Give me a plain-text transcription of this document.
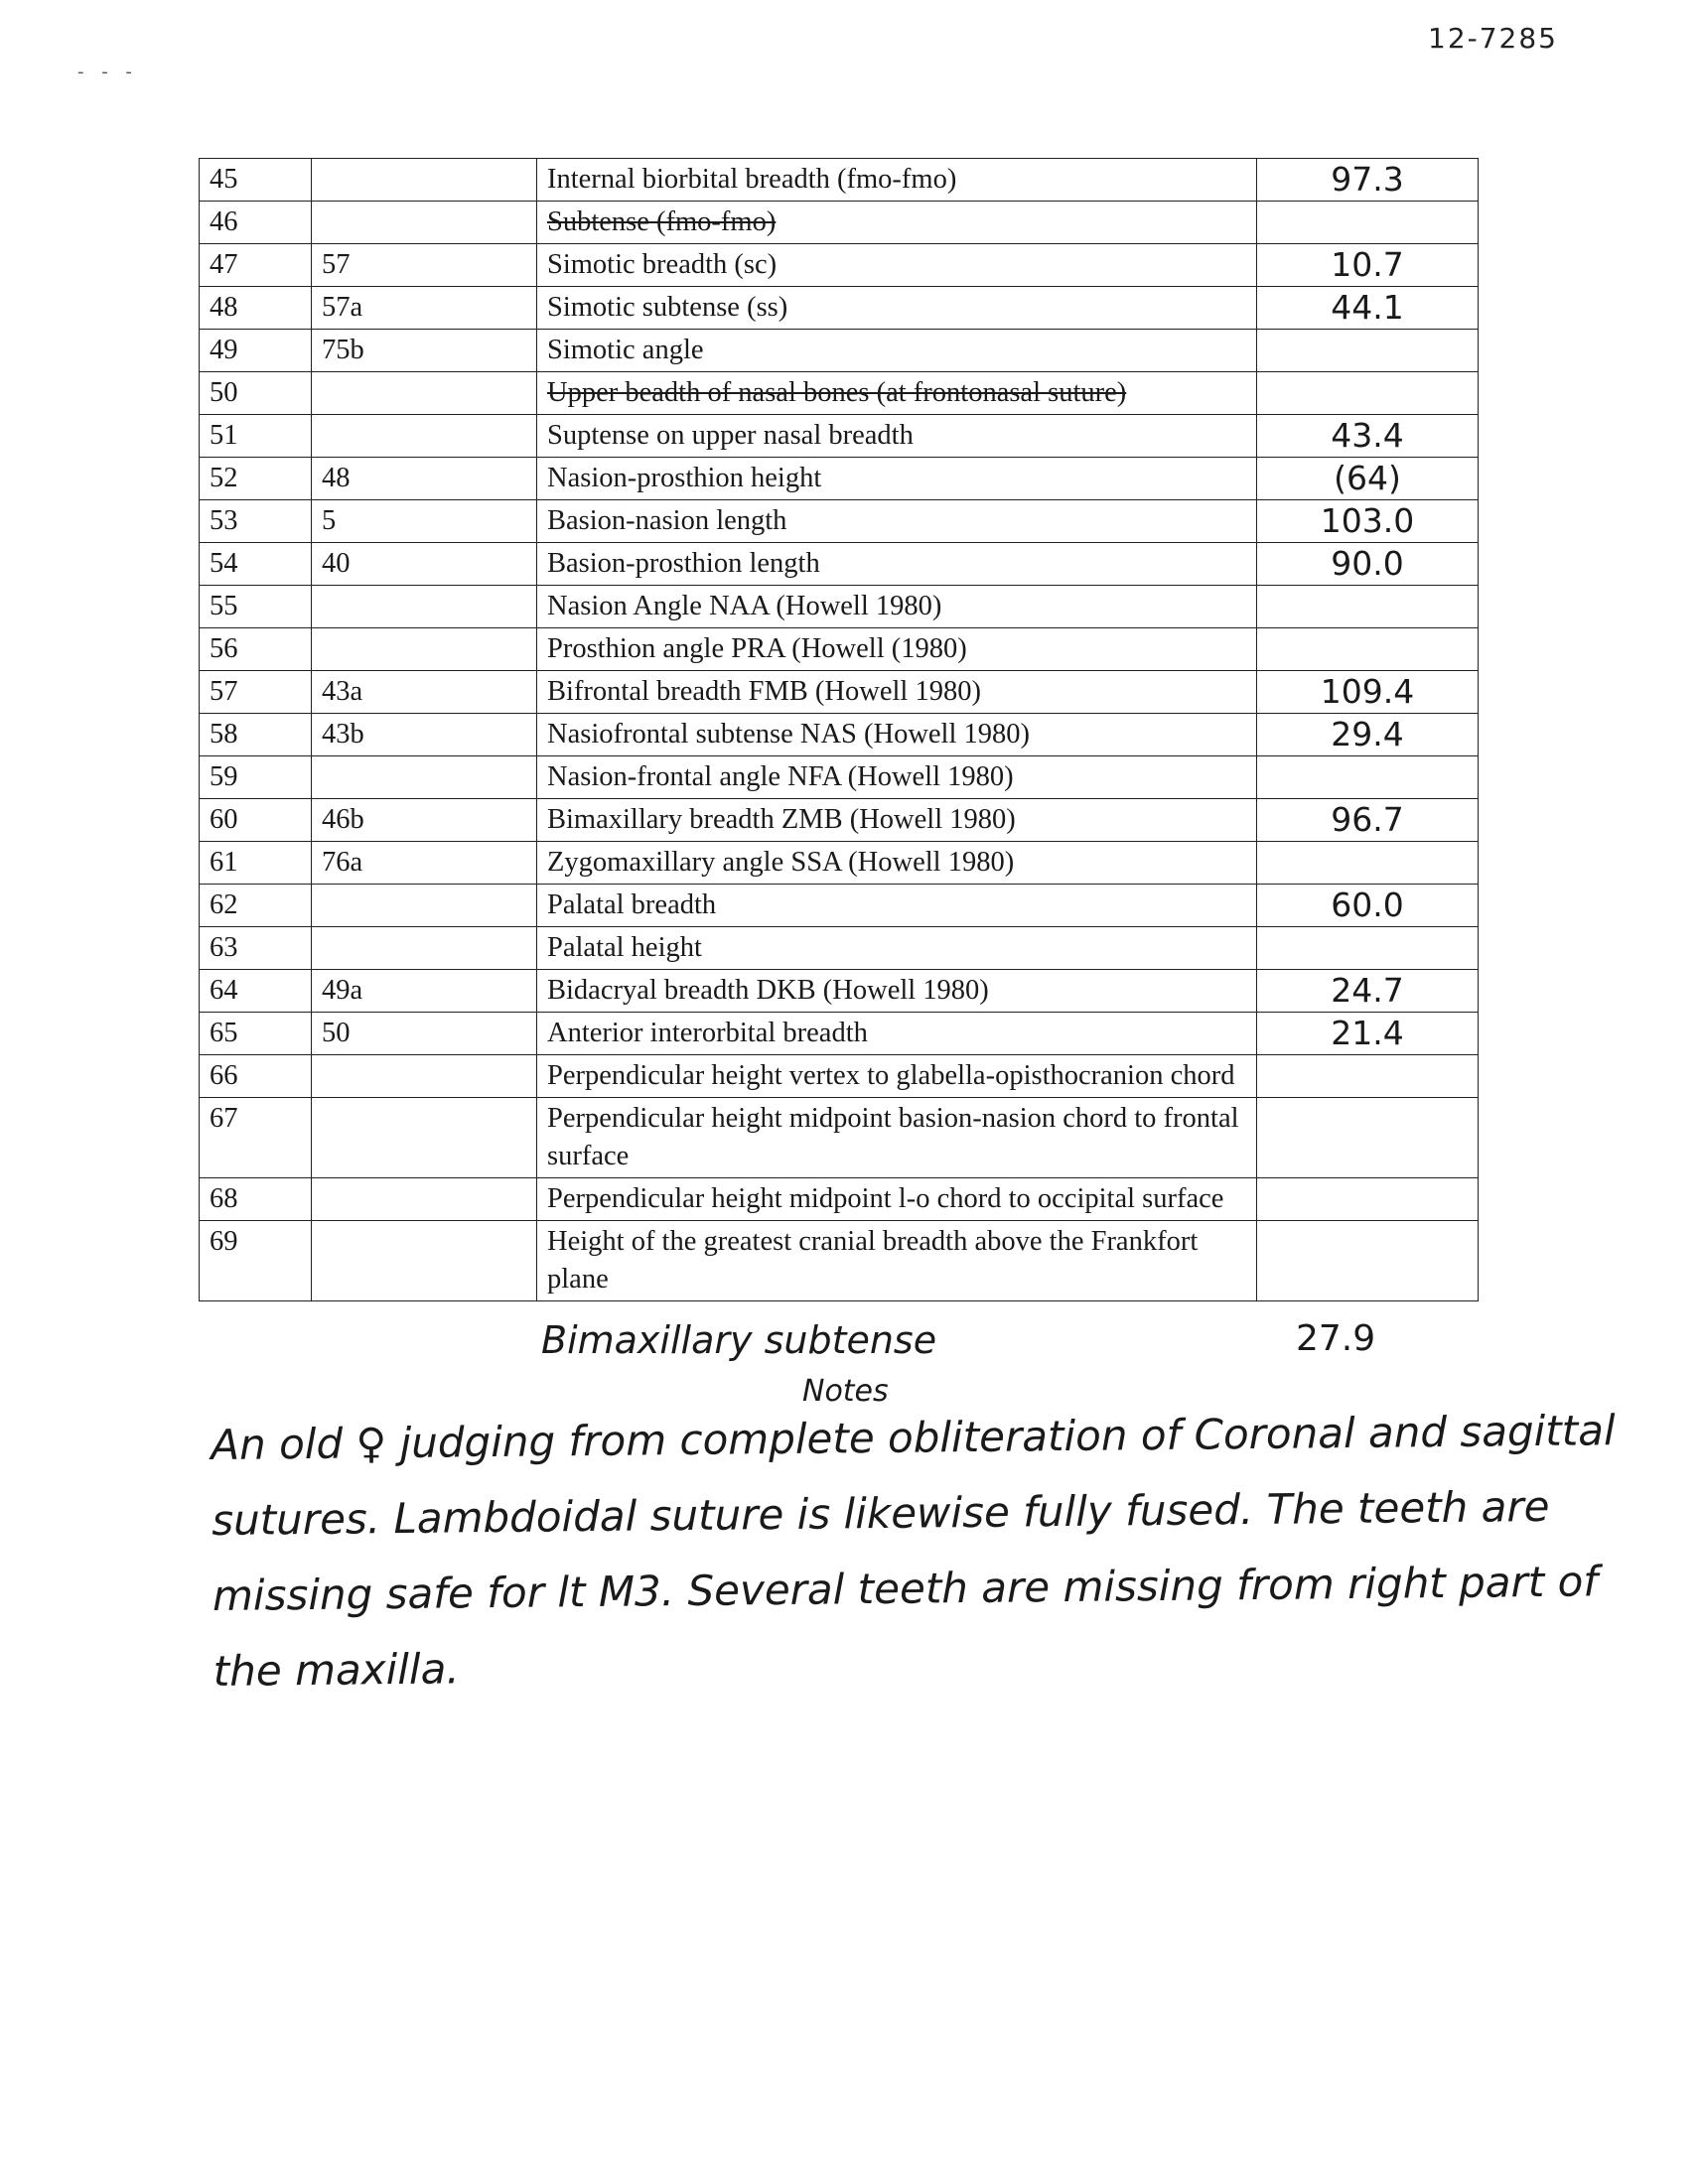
- - -
12-7285
45		Internal biorbital breadth (fmo-fmo)	97.3
46		Subtense (fmo-fmo)	
47	57	Simotic breadth (sc)	10.7
48	57a	Simotic subtense (ss)	44.1
49	75b	Simotic angle	
50		Upper beadth of nasal bones (at frontonasal suture)	
51		Suptense on upper nasal breadth	43.4
52	48	Nasion-prosthion height	(64)
53	5	Basion-nasion length	103.0
54	40	Basion-prosthion length	90.0
55		Nasion Angle NAA (Howell 1980)	
56		Prosthion angle PRA (Howell (1980)	
57	43a	Bifrontal breadth FMB (Howell 1980)	109.4
58	43b	Nasiofrontal subtense NAS (Howell 1980)	29.4
59		Nasion-frontal angle NFA (Howell 1980)	
60	46b	Bimaxillary breadth ZMB (Howell 1980)	96.7
61	76a	Zygomaxillary angle SSA (Howell 1980)	
62		Palatal breadth	60.0
63		Palatal height	
64	49a	Bidacryal breadth DKB (Howell 1980)	24.7
65	50	Anterior interorbital breadth	21.4
66		Perpendicular height vertex to glabella-opisthocranion chord	
67		Perpendicular height midpoint basion-nasion chord to frontal surface	
68		Perpendicular height midpoint l-o chord to occipital surface	
69		Height of the greatest cranial breadth above the Frankfort plane	
Bimaxillary subtense	27.9
Notes
An old ♀ judging from complete obliteration of Coronal and sagittal sutures. Lambdoidal suture is likewise fully fused. The teeth are missing safe for lt M3. Several teeth are missing from right part of the maxilla.
